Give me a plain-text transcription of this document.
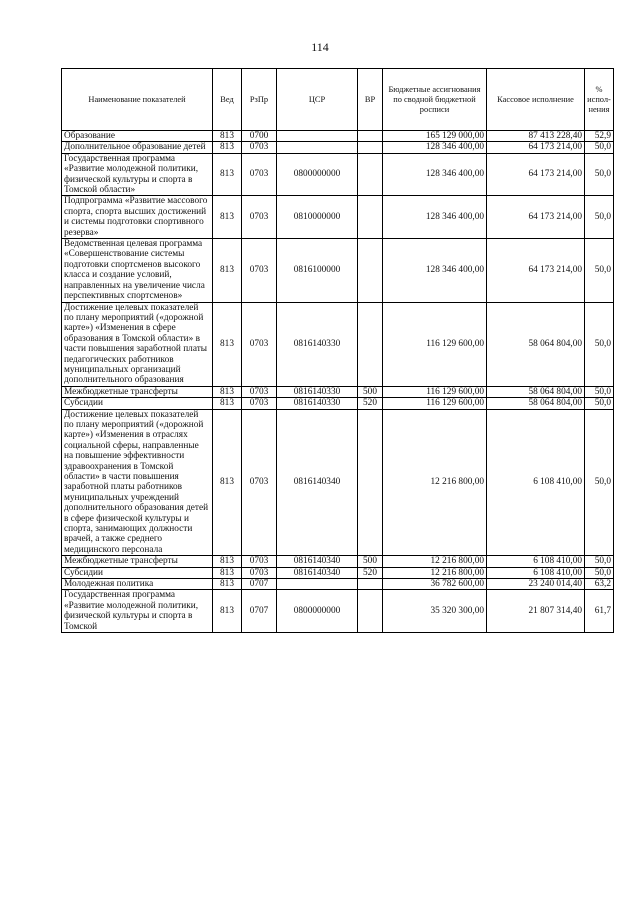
114
Наименование показателей	Вед	РзПр	ЦСР	ВР	Бюджетные ассигнования по сводной бюджетной росписи	Кассовое исполнение	% испол-нения
Образование	813	0700			165 129 000,00	87 413 228,40	52,9
Дополнительное образование детей	813	0703			128 346 400,00	64 173 214,00	50,0
Государственная программа «Развитие молодежной политики, физической культуры и спорта в Томской области»	813	0703	0800000000		128 346 400,00	64 173 214,00	50,0
Подпрограмма «Развитие массового спорта, спорта высших достижений и системы подготовки спортивного резерва»	813	0703	0810000000		128 346 400,00	64 173 214,00	50,0
Ведомственная целевая программа «Совершенствование системы подготовки спортсменов высокого класса и создание условий, направленных на увеличение числа перспективных спортсменов»	813	0703	0816100000		128 346 400,00	64 173 214,00	50,0
Достижение целевых показателей по плану мероприятий («дорожной карте») «Изменения в сфере образования в Томской области» в части повышения заработной платы педагогических работников муниципальных организаций дополнительного образования	813	0703	0816140330		116 129 600,00	58 064 804,00	50,0
Межбюджетные трансферты	813	0703	0816140330	500	116 129 600,00	58 064 804,00	50,0
Субсидии	813	0703	0816140330	520	116 129 600,00	58 064 804,00	50,0
Достижение целевых показателей по плану мероприятий («дорожной карте») «Изменения в отраслях социальной сферы, направленные на повышение эффективности здравоохранения в Томской области» в части повышения заработной платы работников муниципальных учреждений дополнительного образования детей в сфере физической культуры и спорта, занимающих должности врачей, а также среднего медицинского персонала	813	0703	0816140340		12 216 800,00	6 108 410,00	50,0
Межбюджетные трансферты	813	0703	0816140340	500	12 216 800,00	6 108 410,00	50,0
Субсидии	813	0703	0816140340	520	12 216 800,00	6 108 410,00	50,0
Молодежная политика	813	0707			36 782 600,00	23 240 014,40	63,2
Государственная программа «Развитие молодежной политики, физической культуры и спорта в Томской	813	0707	0800000000		35 320 300,00	21 807 314,40	61,7
